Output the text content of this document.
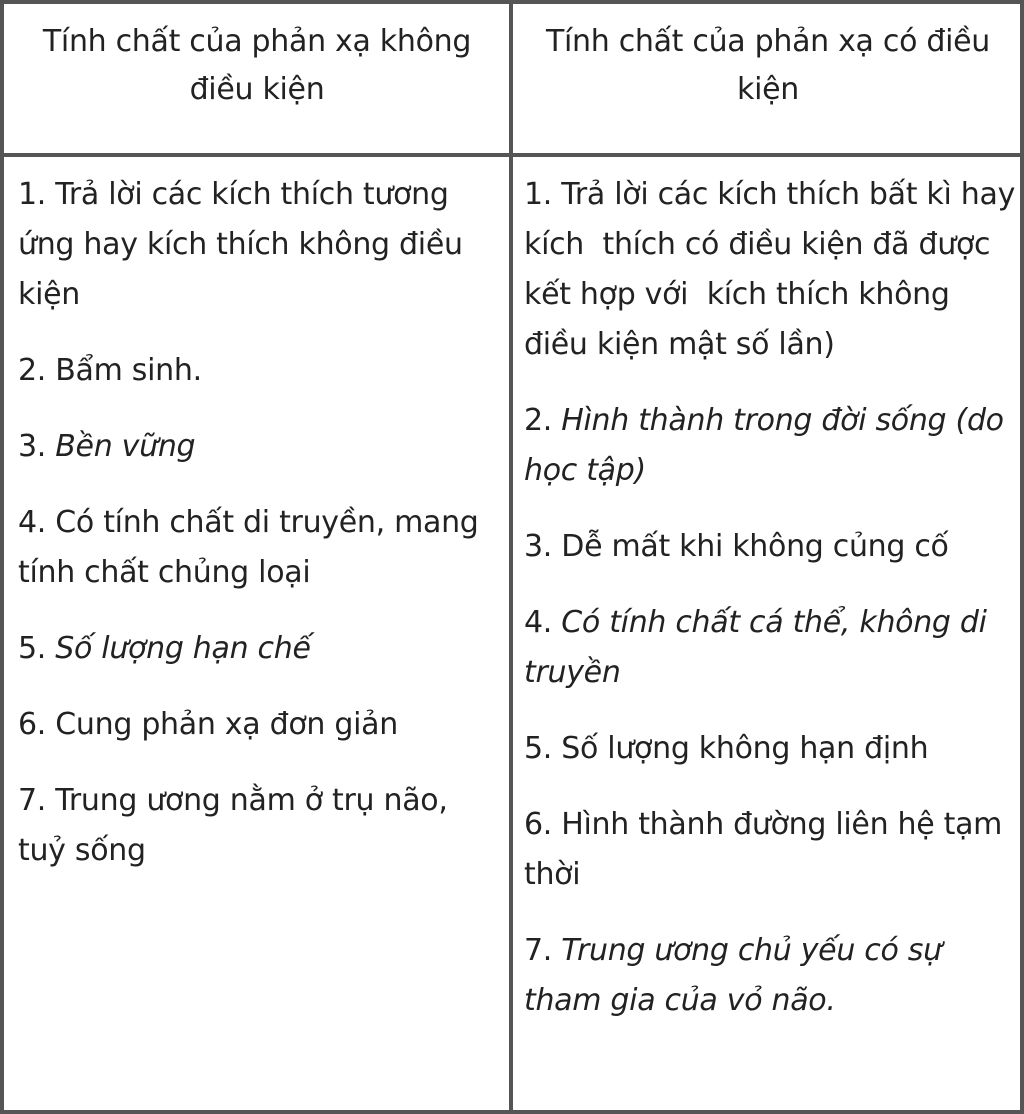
Tính chất của phản xạ không điều kiện
Tính chất của phản xạ có điều kiện
1. Trả lời các kích thích tương ứng hay kích thích không điều kiện
2. Bẩm sinh.
3. Bền vững
4. Có tính chất di truyền, mang tính chất chủng loại
5. Số lượng hạn chế
6. Cung phản xạ đơn giản
7. Trung ương nằm ở trụ não, tuỷ sống
1. Trả lời các kích thích bất kì hay kích  thích có điều kiện đã được kết hợp với  kích thích không điều kiện mật số lần)
2. Hình thành trong đời sống (do học tập)
3. Dễ mất khi không củng cố
4. Có tính chất cá thể, không di truyền
5. Số lượng không hạn định
6. Hình thành đường liên hệ tạm thời
7. Trung ương chủ yếu có sự tham gia của vỏ não.
